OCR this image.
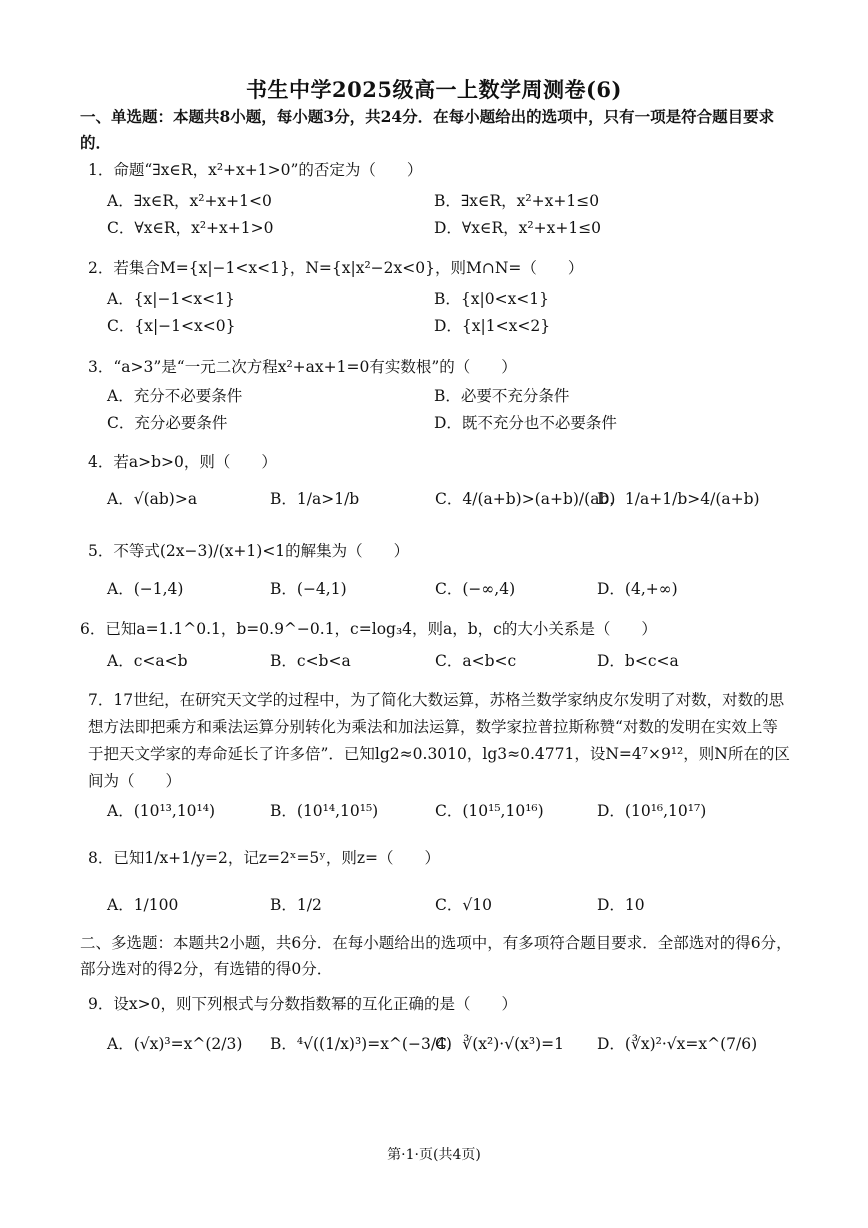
书生中学2025级高一上数学周测卷(6)
一、单选题：本题共8小题，每小题3分，共24分．在每小题给出的选项中，只有一项是符合题目要求的．
1．命题“∃x∈R，x²+x+1>0”的否定为（　　）
A．∃x∈R，x²+x+1<0	B．∃x∈R，x²+x+1≤0
C．∀x∈R，x²+x+1>0	D．∀x∈R，x²+x+1≤0
2．若集合M={x|−1<x<1}，N={x|x²−2x<0}，则M∩N=（　　）
A．{x|−1<x<1}	B．{x|0<x<1}
C．{x|−1<x<0}	D．{x|1<x<2}
3．“a>3”是“一元二次方程x²+ax+1=0有实数根”的（　　）
A．充分不必要条件	B．必要不充分条件
C．充分必要条件	D．既不充分也不必要条件
4．若a>b>0，则（　　）
A．√(ab)>a	B．1/a>1/b	C．4/(a+b)>(a+b)/(ab)
D．1/a+1/b>4/(a+b)
5．不等式(2x−3)/(x+1)<1的解集为（　　）
A．(−1,4)	B．(−4,1)	C．(−∞,4)	D．(4,+∞)
6．已知a=1.1^0.1，b=0.9^−0.1，c=log₃4，则a，b，c的大小关系是（　　）
A．c<a<b	B．c<b<a	C．a<b<c	D．b<c<a
7．17世纪，在研究天文学的过程中，为了简化大数运算，苏格兰数学家纳皮尔发明了对数，对数的思想方法即把乘方和乘法运算分别转化为乘法和加法运算，数学家拉普拉斯称赞“对数的发明在实效上等于把天文学家的寿命延长了许多倍”．已知lg2≈0.3010，lg3≈0.4771，设N=4⁷×9¹²，则N所在的区间为（　　）
A．(10¹³,10¹⁴)	B．(10¹⁴,10¹⁵)	C．(10¹⁵,10¹⁶)	D．(10¹⁶,10¹⁷)
8．已知1/x+1/y=2，记z=2ˣ=5ʸ，则z=（　　）
A．1/100	B．1/2	C．√10	D．10
二、多选题：本题共2小题，共6分．在每小题给出的选项中，有多项符合题目要求．全部选对的得6分，部分选对的得2分，有选错的得0分．
9．设x>0，则下列根式与分数指数幂的互化正确的是（　　）
A．(√x)³=x^(2/3) B．⁴√((1/x)³)=x^(−3/4)
C．∛(x²)·√(x³)=1 D．(∛x)²·√x=x^(7/6)
第·1·页(共4页)
